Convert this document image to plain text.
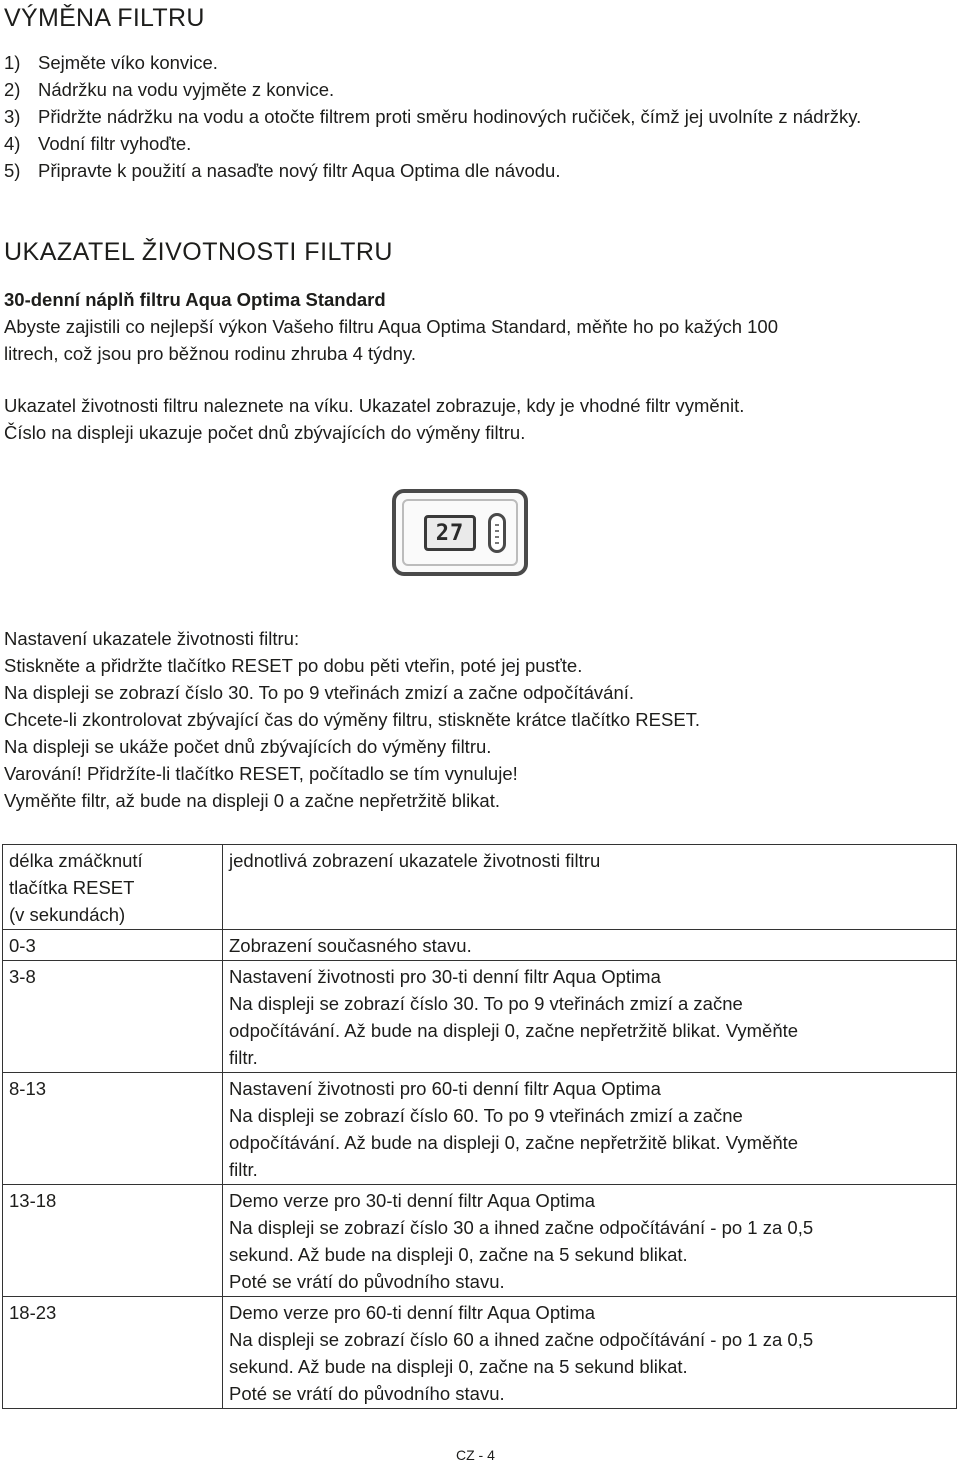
VÝMĚNA FILTRU
1) Sejměte víko konvice.
2) Nádržku na vodu vyjměte z konvice.
3) Přidržte nádržku na vodu a otočte filtrem proti směru hodinových ručiček, čímž jej uvolníte z nádržky.
4) Vodní filtr vyhoďte.
5) Připravte k použití a nasaďte nový filtr Aqua Optima dle návodu.
UKAZATEL ŽIVOTNOSTI FILTRU
30-denní náplň filtru Aqua Optima Standard

Abyste zajistili co nejlepší výkon Vašeho filtru Aqua Optima Standard, měňte ho po kažých 100
litrech, což jsou pro běžnou rodinu zhruba 4 týdny.

Ukazatel životnosti filtru naleznete na víku. Ukazatel zobrazuje, kdy je vhodné filtr vyměnit.
Číslo na displeji ukazuje počet dnů zbývajících do výměny filtru.

27

Nastavení ukazatele životnosti filtru:
Stiskněte a přidržte tlačítko RESET po dobu pěti vteřin, poté jej pusťte.
Na displeji se zobrazí číslo 30. To po 9 vteřinách zmizí a začne odpočítávání.
Chcete-li zkontrolovat zbývající čas do výměny filtru, stiskněte krátce tlačítko RESET.
Na displeji se ukáže počet dnů zbývajících do výměny filtru.
Varování! Přidržíte-li tlačítko RESET, počítadlo se tím vynuluje!
Vyměňte filtr, až bude na displeji 0 a začne nepřetržitě blikat.

délka zmáčknutí
tlačítka RESET
(v sekundách)	jednotlivá zobrazení ukazatele životnosti filtru

0-3	Zobrazení současného stavu.

3-8	Nastavení životnosti pro 30-ti denní filtr Aqua Optima
Na displeji se zobrazí číslo 30. To po 9 vteřinách zmizí a začne
odpočítávání. Až bude na displeji 0, začne nepřetržitě blikat. Vyměňte
filtr.

8-13	Nastavení životnosti pro 60-ti denní filtr Aqua Optima
Na displeji se zobrazí číslo 60. To po 9 vteřinách zmizí a začne
odpočítávání. Až bude na displeji 0, začne nepřetržitě blikat. Vyměňte
filtr.

13-18	Demo verze pro 30-ti denní filtr Aqua Optima
Na displeji se zobrazí číslo 30 a ihned začne odpočítávání - po 1 za 0,5
sekund. Až bude na displeji 0, začne na 5 sekund blikat.
Poté se vrátí do původního stavu.

18-23	Demo verze pro 60-ti denní filtr Aqua Optima
Na displeji se zobrazí číslo 60 a ihned začne odpočítávání - po 1 za 0,5
sekund. Až bude na displeji 0, začne na 5 sekund blikat.
Poté se vrátí do původního stavu.
CZ - 4
